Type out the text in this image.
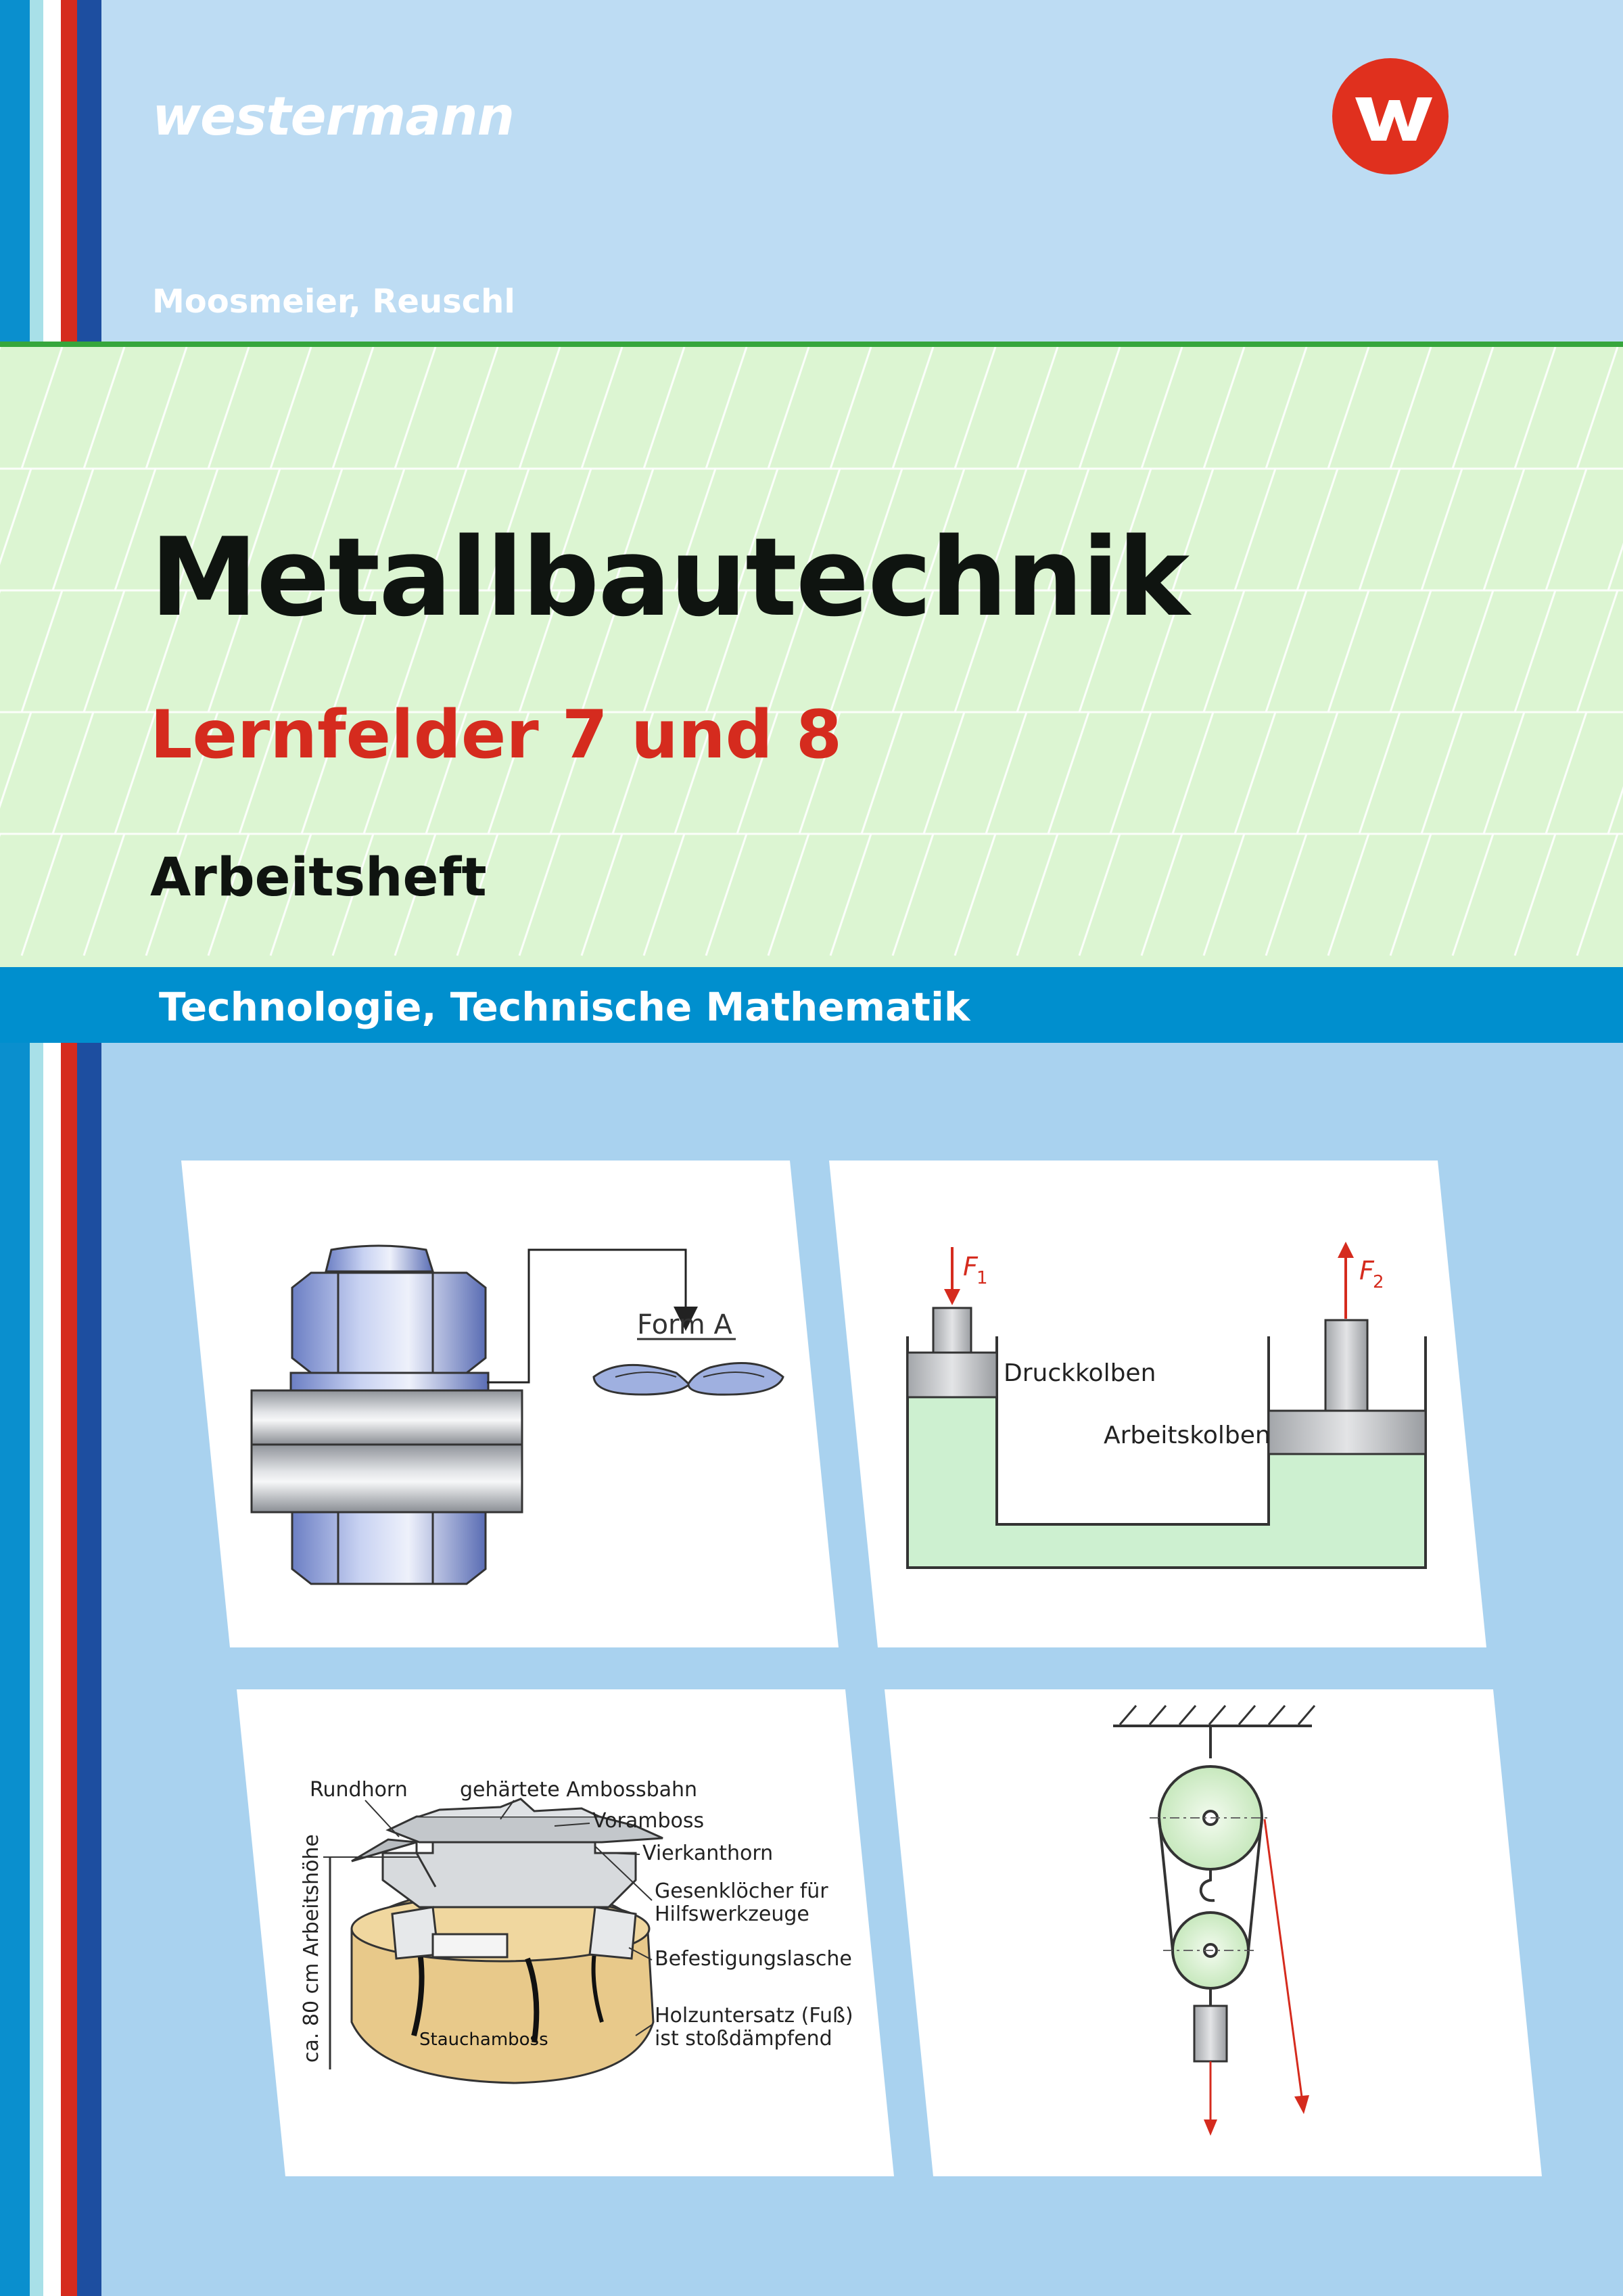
westermann
Moosmeier, Reuschl
Metallbautechnik
Lernfelder 7 und 8
Arbeitsheft
Technologie, Technische Mathematik
Form A
F
1	F
2
Druckkolben
Arbeitskolben
ca. 80 cm Arbeitshöhe
Rundhorn	gehärtete Ambossbahn
Voramboss
Vierkanthorn
Gesenklöcher für
Hilfswerkzeuge
Befestigungslasche
Holzuntersatz (Fuß)
ist stoßdämpfend
Stauchamboss
